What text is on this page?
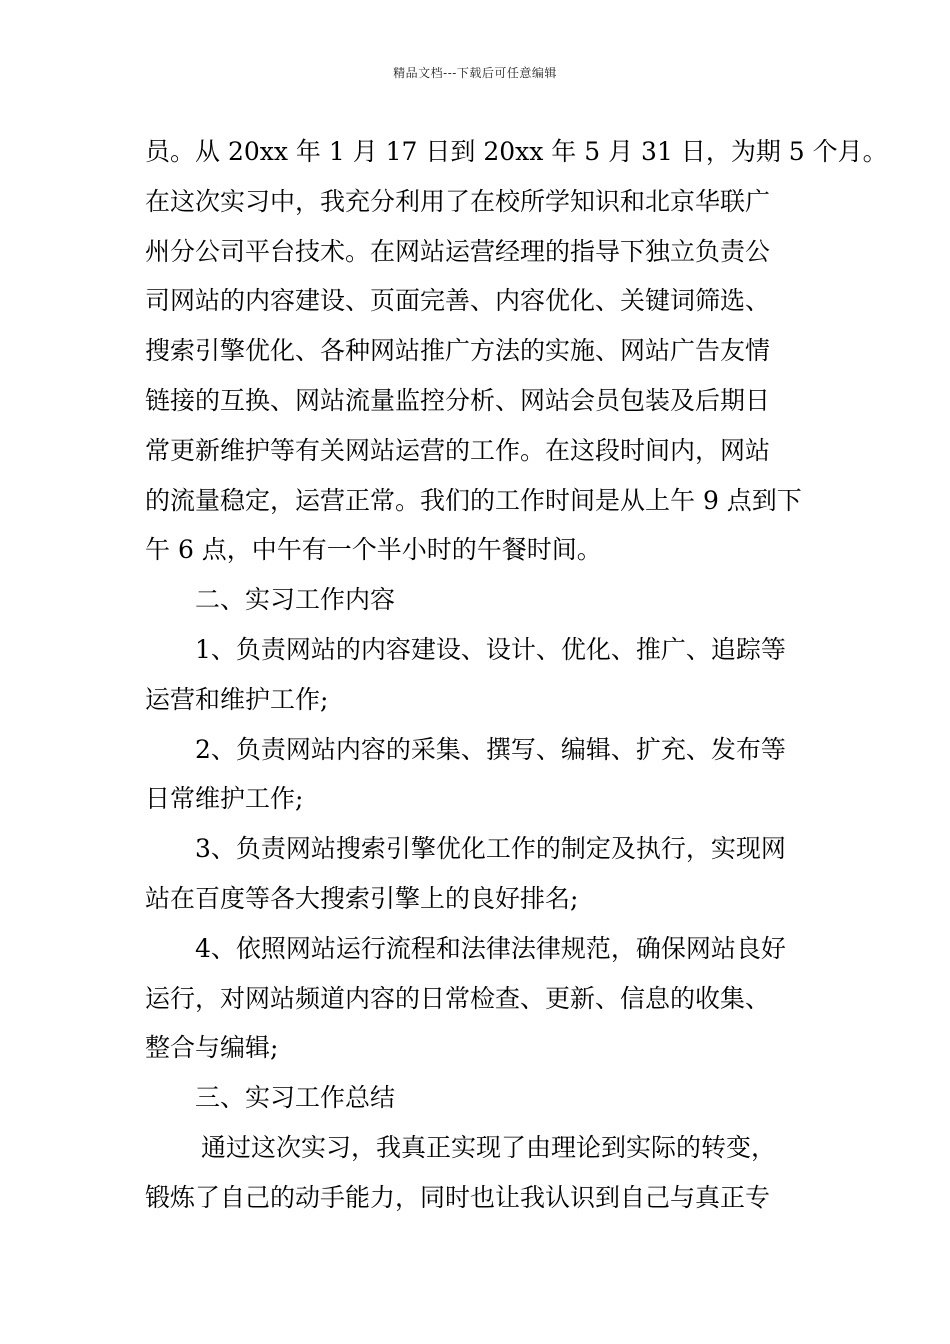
精品文档---下载后可任意编辑
员。从 20xx 年 1 月 17 日到 20xx 年 5 月 31 日，为期 5 个月。
在这次实习中，我充分利用了在校所学知识和北京华联广
州分公司平台技术。在网站运营经理的指导下独立负责公
司网站的内容建设、页面完善、内容优化、关键词筛选、
搜索引擎优化、各种网站推广方法的实施、网站广告友情
链接的互换、网站流量监控分析、网站会员包装及后期日
常更新维护等有关网站运营的工作。在这段时间内，网站
的流量稳定，运营正常。我们的工作时间是从上午 9 点到下
午 6 点，中午有一个半小时的午餐时间。
二、实习工作内容
1、负责网站的内容建设、设计、优化、推广、追踪等
运营和维护工作;
2、负责网站内容的采集、撰写、编辑、扩充、发布等
日常维护工作;
3、负责网站搜索引擎优化工作的制定及执行，实现网
站在百度等各大搜索引擎上的良好排名;
4、依照网站运行流程和法律法律规范，确保网站良好
运行，对网站频道内容的日常检查、更新、信息的收集、
整合与编辑;
三、实习工作总结
通过这次实习，我真正实现了由理论到实际的转变，
锻炼了自己的动手能力，同时也让我认识到自己与真正专
